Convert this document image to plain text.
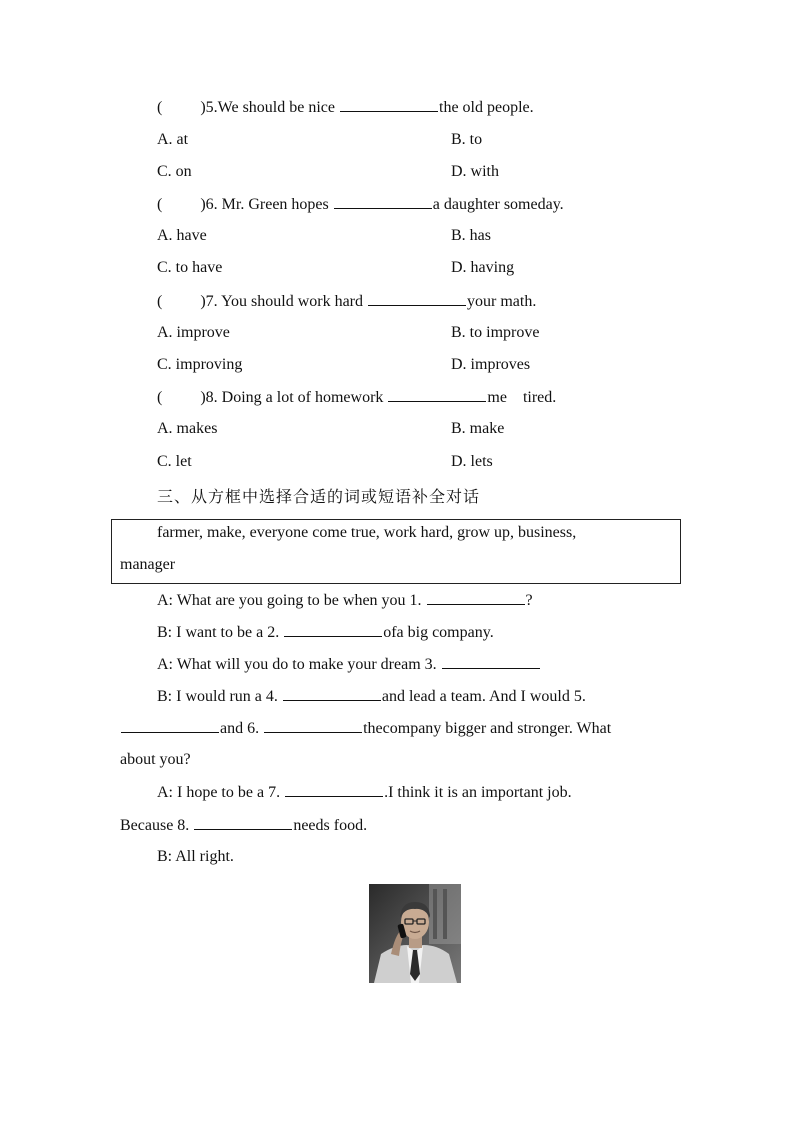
( )5.We should be nice	the old people.
A. at	B. to
C. on	D. with
( )6. Mr. Green hopes	a daughter someday.
A. have	B. has
C. to have	D. having
( )7. You should work hard	your math.
A. improve	B. to improve
C. improving	D. improves
( )8. Doing a lot of homework	me    tired.
A. makes	B. make
C. let	D. lets
三、从方框中选择合适的词或短语补全对话
farmer, make, everyone come true, work hard, grow up, business,
manager
A: What are you going to be when you 1.	?
B: I want to be a 2.	ofa big company.
A: What will you do to make your dream 3.
B: I would run a 4.	and lead a team. And I would 5.
and 6.	thecompany bigger and stronger. What
about you?
A: I hope to be a 7.	.I think it is an important job.
Because 8.	needs food.
B: All right.
